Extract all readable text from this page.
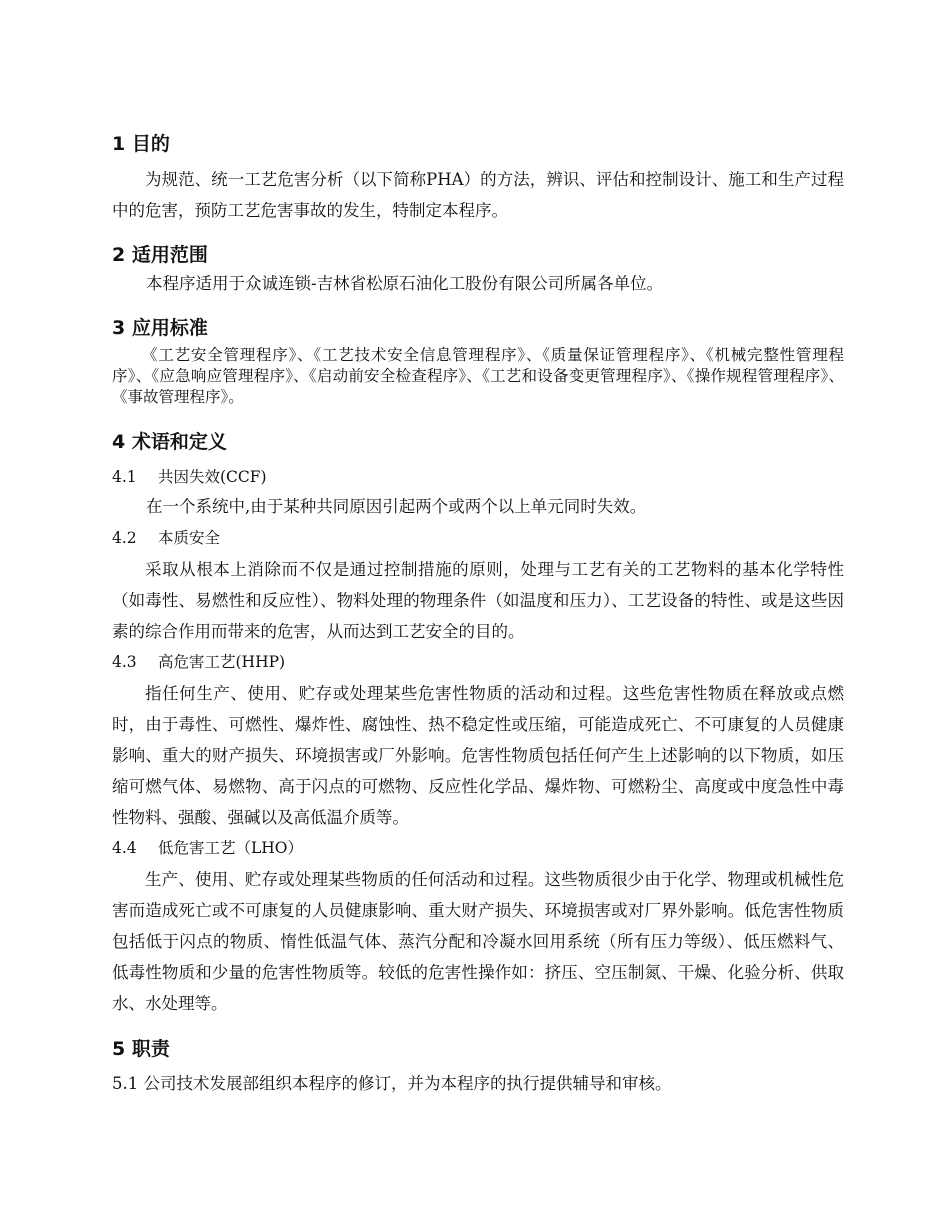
1 目的
为规范、统一工艺危害分析（以下简称PHA）的方法，辨识、评估和控制设计、施工和生产过程中的危害，预防工艺危害事故的发生，特制定本程序。
2 适用范围
本程序适用于众诚连锁-吉林省松原石油化工股份有限公司所属各单位。
3 应用标准
《工艺安全管理程序》、《工艺技术安全信息管理程序》、《质量保证管理程序》、《机械完整性管理程序》、《应急响应管理程序》、《启动前安全检查程序》、《工艺和设备变更管理程序》、《操作规程管理程序》、《事故管理程序》。
4 术语和定义
4.1 共因失效(CCF)
在一个系统中,由于某种共同原因引起两个或两个以上单元同时失效。
4.2 本质安全
采取从根本上消除而不仅是通过控制措施的原则，处理与工艺有关的工艺物料的基本化学特性（如毒性、易燃性和反应性）、物料处理的物理条件（如温度和压力）、工艺设备的特性、或是这些因素的综合作用而带来的危害，从而达到工艺安全的目的。
4.3 高危害工艺(HHP)
指任何生产、使用、贮存或处理某些危害性物质的活动和过程。这些危害性物质在释放或点燃时，由于毒性、可燃性、爆炸性、腐蚀性、热不稳定性或压缩，可能造成死亡、不可康复的人员健康影响、重大的财产损失、环境损害或厂外影响。危害性物质包括任何产生上述影响的以下物质，如压缩可燃气体、易燃物、高于闪点的可燃物、反应性化学品、爆炸物、可燃粉尘、高度或中度急性中毒性物料、强酸、强碱以及高低温介质等。
4.4 低危害工艺（LHO）
生产、使用、贮存或处理某些物质的任何活动和过程。这些物质很少由于化学、物理或机械性危害而造成死亡或不可康复的人员健康影响、重大财产损失、环境损害或对厂界外影响。低危害性物质包括低于闪点的物质、惰性低温气体、蒸汽分配和冷凝水回用系统（所有压力等级）、低压燃料气、低毒性物质和少量的危害性物质等。较低的危害性操作如：挤压、空压制氮、干燥、化验分析、供取水、水处理等。
5 职责
5.1 公司技术发展部组织本程序的修订，并为本程序的执行提供辅导和审核。
